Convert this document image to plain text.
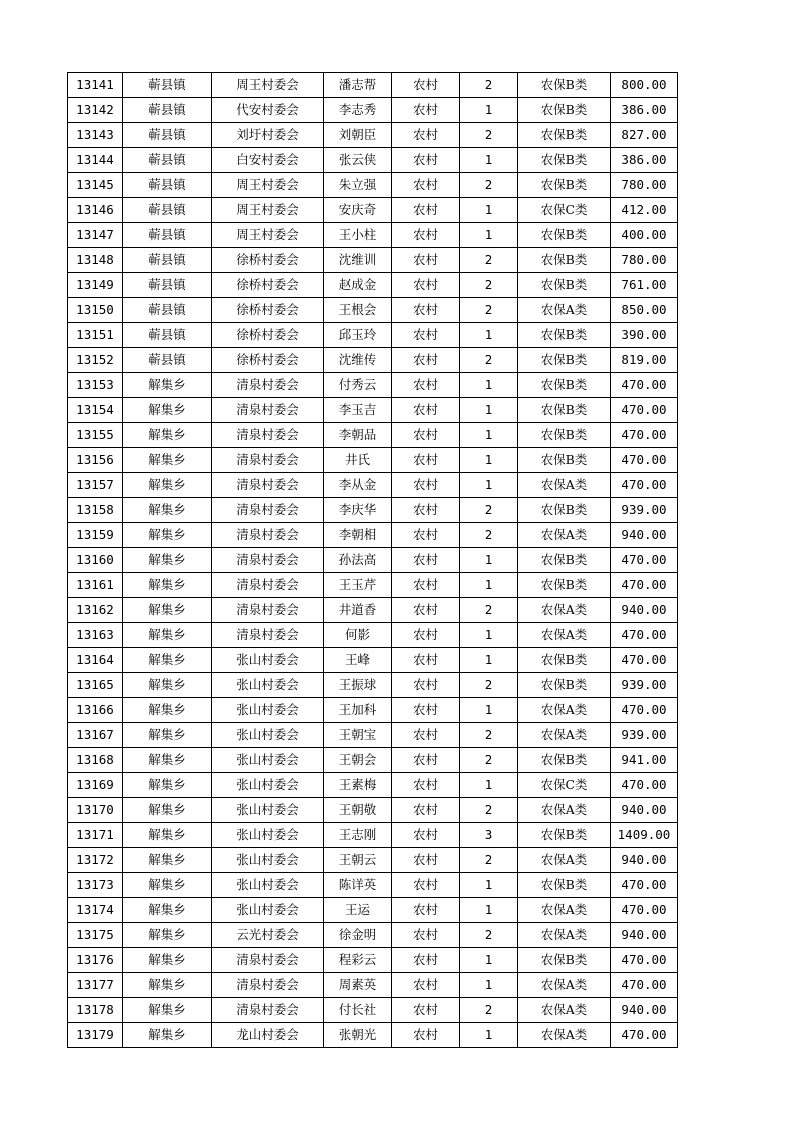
13141	蕲县镇	周王村委会	潘志帮	农村	2	农保B类	800.00
13142	蕲县镇	代安村委会	李志秀	农村	1	农保B类	386.00
13143	蕲县镇	刘圩村委会	刘朝臣	农村	2	农保B类	827.00
13144	蕲县镇	白安村委会	张云侠	农村	1	农保B类	386.00
13145	蕲县镇	周王村委会	朱立强	农村	2	农保B类	780.00
13146	蕲县镇	周王村委会	安庆奇	农村	1	农保C类	412.00
13147	蕲县镇	周王村委会	王小柱	农村	1	农保B类	400.00
13148	蕲县镇	徐桥村委会	沈维训	农村	2	农保B类	780.00
13149	蕲县镇	徐桥村委会	赵成金	农村	2	农保B类	761.00
13150	蕲县镇	徐桥村委会	王根会	农村	2	农保A类	850.00
13151	蕲县镇	徐桥村委会	邱玉玲	农村	1	农保B类	390.00
13152	蕲县镇	徐桥村委会	沈维传	农村	2	农保B类	819.00
13153	解集乡	清泉村委会	付秀云	农村	1	农保B类	470.00
13154	解集乡	清泉村委会	李玉吉	农村	1	农保B类	470.00
13155	解集乡	清泉村委会	李朝品	农村	1	农保B类	470.00
13156	解集乡	清泉村委会	井氏	农村	1	农保B类	470.00
13157	解集乡	清泉村委会	李从金	农村	1	农保A类	470.00
13158	解集乡	清泉村委会	李庆华	农村	2	农保B类	939.00
13159	解集乡	清泉村委会	李朝相	农村	2	农保A类	940.00
13160	解集乡	清泉村委会	孙法高	农村	1	农保B类	470.00
13161	解集乡	清泉村委会	王玉芹	农村	1	农保B类	470.00
13162	解集乡	清泉村委会	井道香	农村	2	农保A类	940.00
13163	解集乡	清泉村委会	何影	农村	1	农保A类	470.00
13164	解集乡	张山村委会	王峰	农村	1	农保B类	470.00
13165	解集乡	张山村委会	王振球	农村	2	农保B类	939.00
13166	解集乡	张山村委会	王加科	农村	1	农保A类	470.00
13167	解集乡	张山村委会	王朝宝	农村	2	农保A类	939.00
13168	解集乡	张山村委会	王朝会	农村	2	农保B类	941.00
13169	解集乡	张山村委会	王素梅	农村	1	农保C类	470.00
13170	解集乡	张山村委会	王朝敬	农村	2	农保A类	940.00
13171	解集乡	张山村委会	王志刚	农村	3	农保B类	1409.00
13172	解集乡	张山村委会	王朝云	农村	2	农保A类	940.00
13173	解集乡	张山村委会	陈详英	农村	1	农保B类	470.00
13174	解集乡	张山村委会	王运	农村	1	农保A类	470.00
13175	解集乡	云光村委会	徐金明	农村	2	农保A类	940.00
13176	解集乡	清泉村委会	程彩云	农村	1	农保B类	470.00
13177	解集乡	清泉村委会	周素英	农村	1	农保A类	470.00
13178	解集乡	清泉村委会	付长社	农村	2	农保A类	940.00
13179	解集乡	龙山村委会	张朝光	农村	1	农保A类	470.00
